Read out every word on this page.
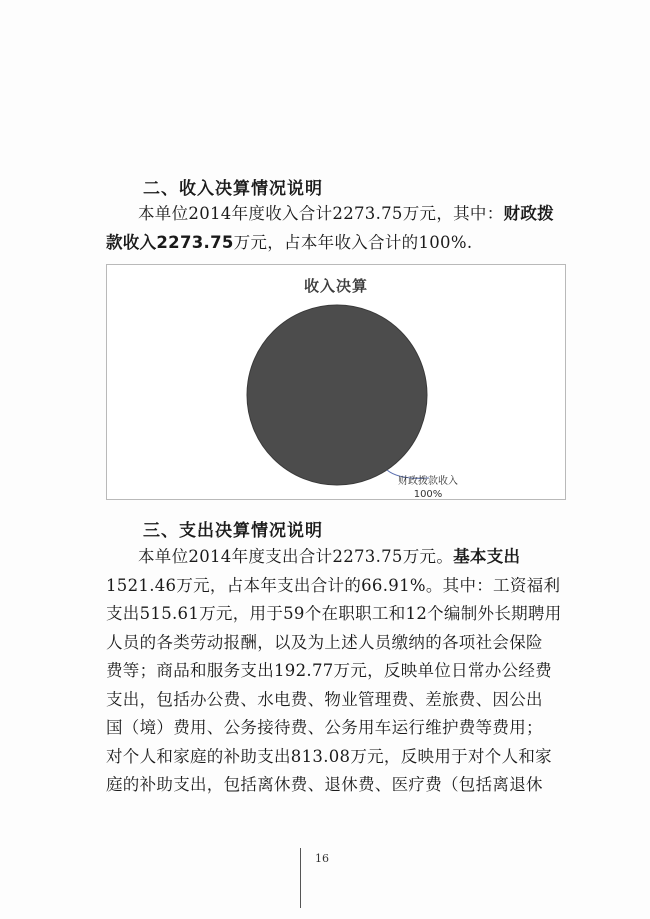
二、收入决算情况说明

本单位2014年度收入合计2273.75万元，其中：财政拨

款收入2273.75万元，占本年收入合计的100%.

收入决算
财政拨款收入
100%
三、支出决算情况说明

本单位2014年度支出合计2273.75万元。基本支出

1521.46万元，占本年支出合计的66.91%。其中：工资福利

支出515.61万元，用于59个在职职工和12个编制外长期聘用

人员的各类劳动报酬，以及为上述人员缴纳的各项社会保险

费等；商品和服务支出192.77万元，反映单位日常办公经费

支出，包括办公费、水电费、物业管理费、差旅费、因公出

国（境）费用、公务接待费、公务用车运行维护费等费用；

对个人和家庭的补助支出813.08万元，反映用于对个人和家

庭的补助支出，包括离休费、退休费、医疗费（包括离退休

16
